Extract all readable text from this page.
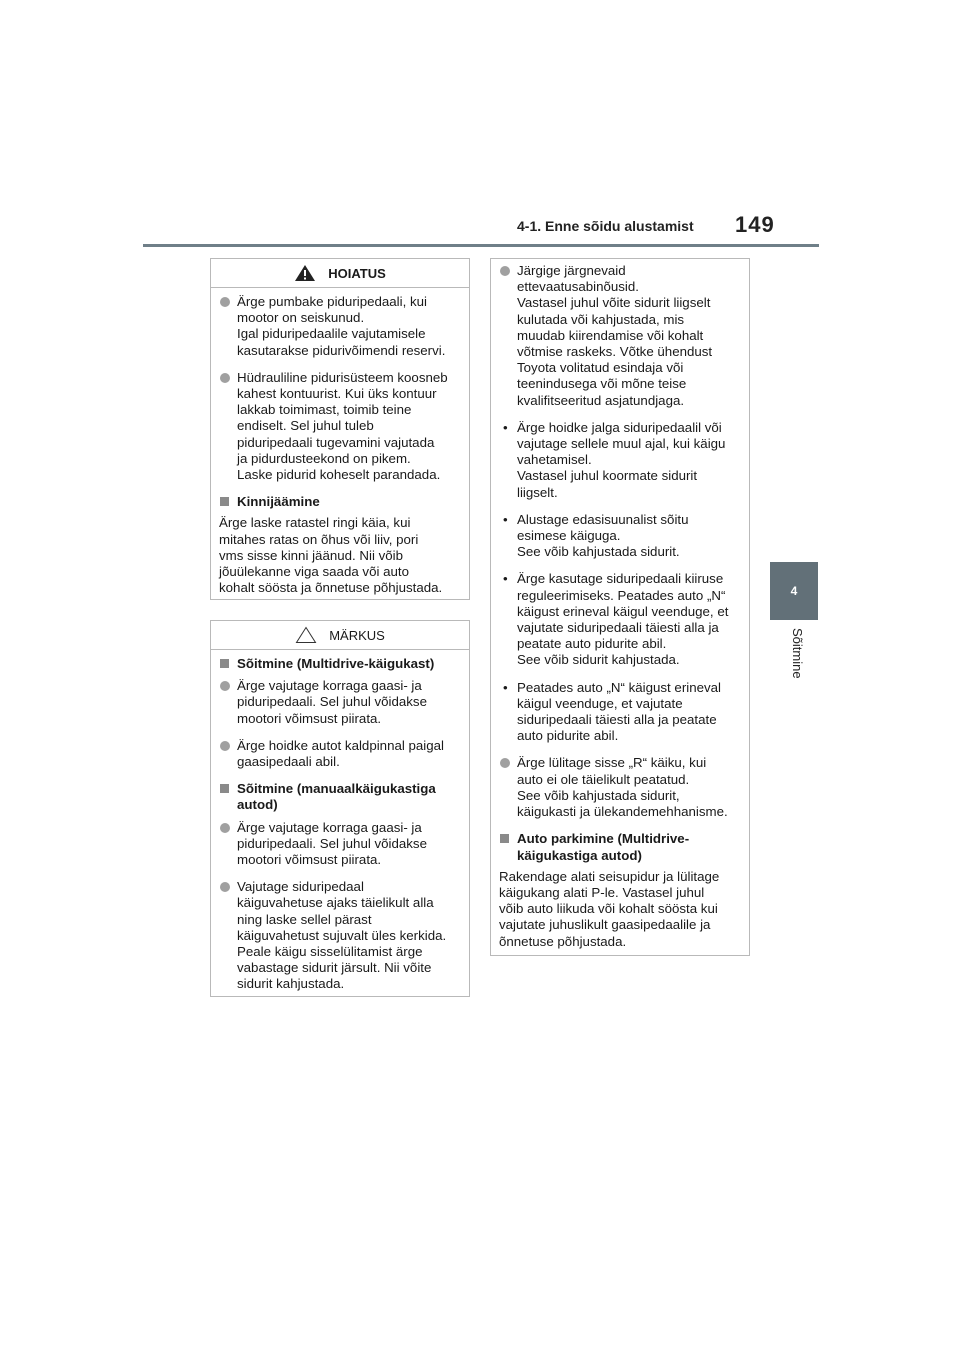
4-1. Enne sõidu alustamist 149
4
Sõitmine
HOIATUS
Ärge pumbake piduripedaali, kui
mootor on seiskunud.
Igal piduripedaalile vajutamisele
kasutarakse pidurivõimendi reservi.
Hüdrauliline pidurisüsteem koosneb
kahest kontuurist. Kui üks kontuur
lakkab toimimast, toimib teine
endiselt. Sel juhul tuleb
piduripedaali tugevamini vajutada
ja pidurdusteekond on pikem.
Laske pidurid koheselt parandada.
Kinnijäämine
Ärge laske ratastel ringi käia, kui
mitahes ratas on õhus või liiv, pori
vms sisse kinni jäänud. Nii võib
jõuülekanne viga saada või auto
kohalt söösta ja õnnetuse põhjustada.
MÄRKUS
Sõitmine (Multidrive-käigukast)
Ärge vajutage korraga gaasi- ja
piduripedaali. Sel juhul võidakse
mootori võimsust piirata.
Ärge hoidke autot kaldpinnal paigal
gaasipedaali abil.
Sõitmine (manuaalkäigukastiga
autod)
Ärge vajutage korraga gaasi- ja
piduripedaali. Sel juhul võidakse
mootori võimsust piirata.
Vajutage siduripedaal
käiguvahetuse ajaks täielikult alla
ning laske sellel pärast
käiguvahetust sujuvalt üles kerkida.
Peale käigu sisselülitamist ärge
vabastage sidurit järsult. Nii võite
sidurit kahjustada.
Järgige järgnevaid
ettevaatusabinõusid.
Vastasel juhul võite sidurit liigselt
kulutada või kahjustada, mis
muudab kiirendamise või kohalt
võtmise raskeks. Võtke ühendust
Toyota volitatud esindaja või
teenindusega või mõne teise
kvalifitseeritud asjatundjaga.
• Ärge hoidke jalga siduripedaalil või
vajutage sellele muul ajal, kui käigu
vahetamisel.
Vastasel juhul koormate sidurit
liigselt.
• Alustage edasisuunalist sõitu
esimese käiguga.
See võib kahjustada sidurit.
• Ärge kasutage siduripedaali kiiruse
reguleerimiseks. Peatades auto „N“
käigust erineval käigul veenduge, et
vajutate siduripedaali täiesti alla ja
peatate auto pidurite abil.
See võib sidurit kahjustada.
• Peatades auto „N“ käigust erineval
käigul veenduge, et vajutate
siduripedaali täiesti alla ja peatate
auto pidurite abil.
Ärge lülitage sisse „R“ käiku, kui
auto ei ole täielikult peatatud.
See võib kahjustada sidurit,
käigukasti ja ülekandemehhanisme.
Auto parkimine (Multidrive-
käigukastiga autod)
Rakendage alati seisupidur ja lülitage
käigukang alati P-le. Vastasel juhul
võib auto liikuda või kohalt söösta kui
vajutate juhuslikult gaasipedaalile ja
õnnetuse põhjustada.
